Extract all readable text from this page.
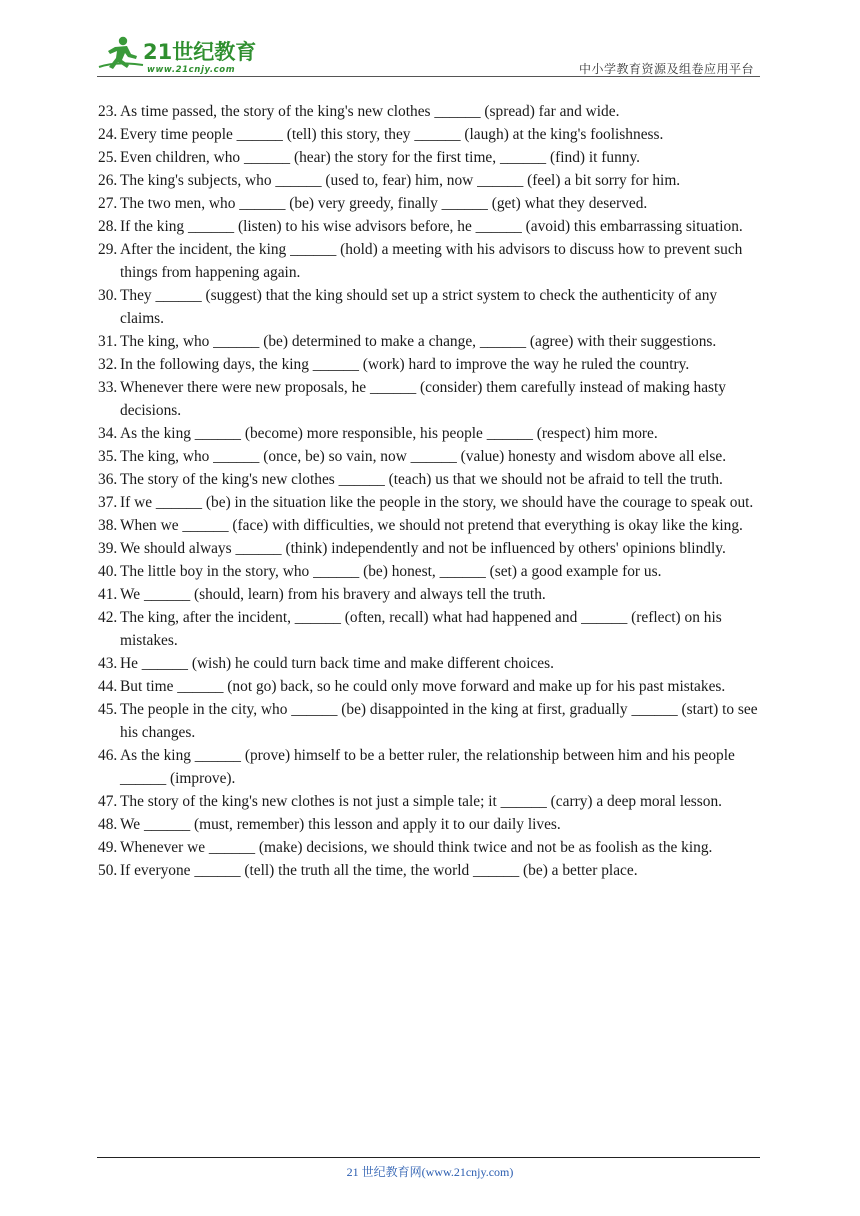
21世纪教育
www.21cnjy.com	中小学教育资源及组卷应用平台
23. As time passed, the story of the king's new clothes ______ (spread) far and wide.
24. Every time people ______ (tell) this story, they ______ (laugh) at the king's foolishness.
25. Even children, who ______ (hear) the story for the first time, ______ (find) it funny.
26. The king's subjects, who ______ (used to, fear) him, now ______ (feel) a bit sorry for him.
27. The two men, who ______ (be) very greedy, finally ______ (get) what they deserved.
28. If the king ______ (listen) to his wise advisors before, he ______ (avoid) this embarrassing situation.
29. After the incident, the king ______ (hold) a meeting with his advisors to discuss how to prevent such things from happening again.
30. They ______ (suggest) that the king should set up a strict system to check the authenticity of any claims.
31. The king, who ______ (be) determined to make a change, ______ (agree) with their suggestions.
32. In the following days, the king ______ (work) hard to improve the way he ruled the country.
33. Whenever there were new proposals, he ______ (consider) them carefully instead of making hasty decisions.
34. As the king ______ (become) more responsible, his people ______ (respect) him more.
35. The king, who ______ (once, be) so vain, now ______ (value) honesty and wisdom above all else.
36. The story of the king's new clothes ______ (teach) us that we should not be afraid to tell the truth.
37. If we ______ (be) in the situation like the people in the story, we should have the courage to speak out.
38. When we ______ (face) with difficulties, we should not pretend that everything is okay like the king.
39. We should always ______ (think) independently and not be influenced by others' opinions blindly.
40. The little boy in the story, who ______ (be) honest, ______ (set) a good example for us.
41. We ______ (should, learn) from his bravery and always tell the truth.
42. The king, after the incident, ______ (often, recall) what had happened and ______ (reflect) on his mistakes.
43. He ______ (wish) he could turn back time and make different choices.
44. But time ______ (not go) back, so he could only move forward and make up for his past mistakes.
45. The people in the city, who ______ (be) disappointed in the king at first, gradually ______ (start) to see his changes.
46. As the king ______ (prove) himself to be a better ruler, the relationship between him and his people ______ (improve).
47. The story of the king's new clothes is not just a simple tale; it ______ (carry) a deep moral lesson.
48. We ______ (must, remember) this lesson and apply it to our daily lives.
49. Whenever we ______ (make) decisions, we should think twice and not be as foolish as the king.
50. If everyone ______ (tell) the truth all the time, the world ______ (be) a better place.
21 世纪教育网(www.21cnjy.com)
